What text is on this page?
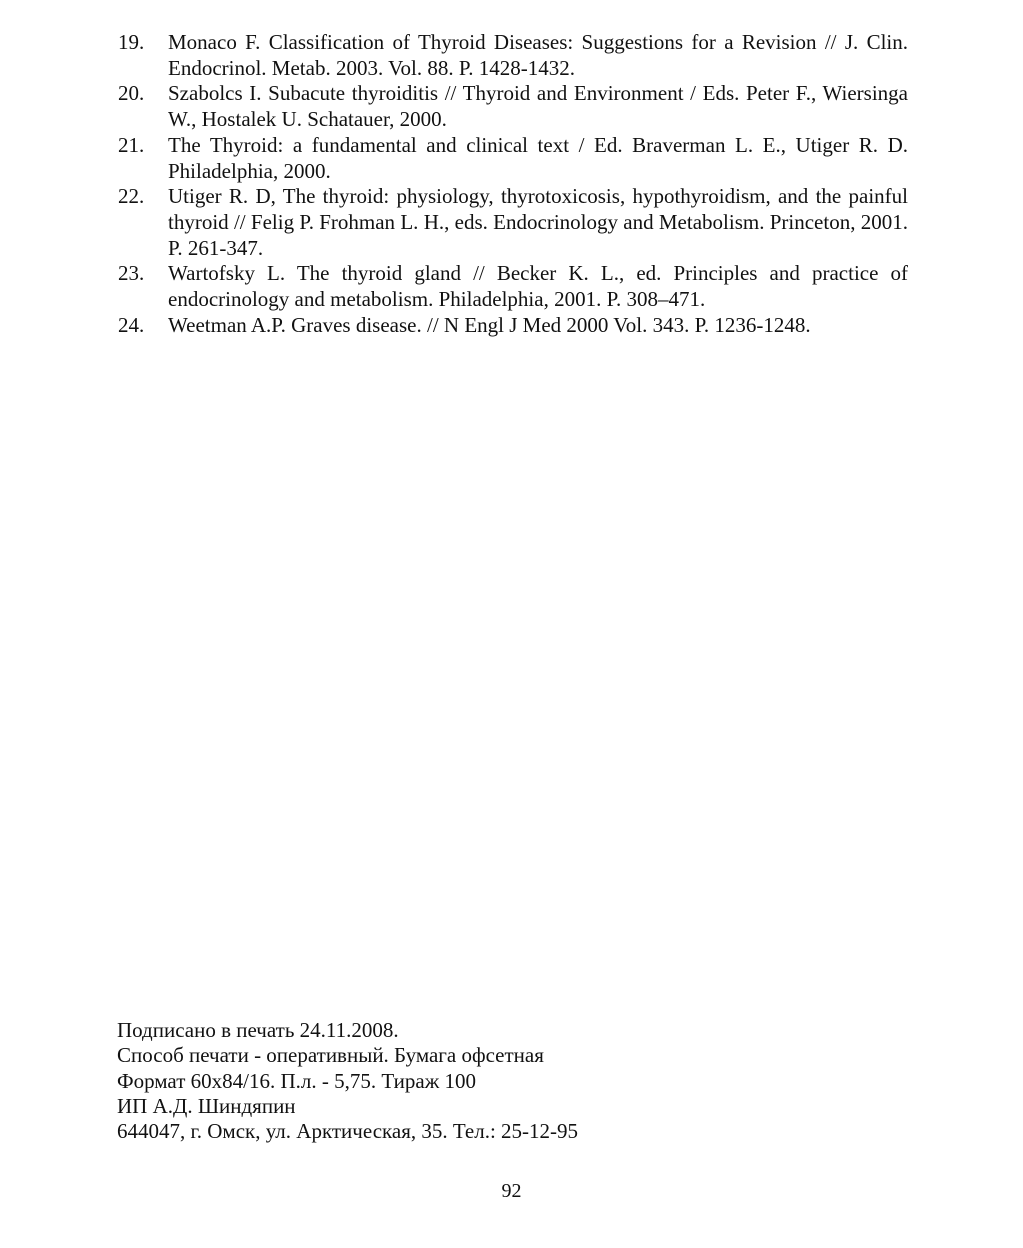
19.	Monaco F. Classification of Thyroid Diseases: Suggestions for a Revision // J. Clin. Endocrinol. Metab. 2003. Vol. 88. P. 1428-1432.
20.	Szabolcs I. Subacute thyroiditis // Thyroid and Environment / Eds. Peter F., Wiersinga W., Hostalek U. Schatauer, 2000.
21.	The Thyroid: a fundamental and clinical text / Ed. Braverman L. E., Utiger R. D. Philadelphia, 2000.
22.	Utiger R. D, The thyroid: physiology, thyrotoxicosis, hypothyroidism, and the painful thyroid // Felig P. Frohman L. H., eds. Endocrinology and Metabolism. Princeton, 2001. P. 261-347.
23.	Wartofsky L. The thyroid gland // Becker K. L., ed. Principles and practice of endocrinology and metabolism. Philadelphia, 2001. P. 308–471.
24.	Weetman A.P. Graves disease. // N Engl J Med 2000 Vol. 343. P. 1236-1248.
Подписано в печать 24.11.2008.
Способ печати - оперативный. Бумага офсетная
Формат 60x84/16. П.л. - 5,75. Тираж 100
ИП А.Д. Шиндяпин
644047, г. Омск, ул. Арктическая, 35. Тел.: 25-12-95
92
